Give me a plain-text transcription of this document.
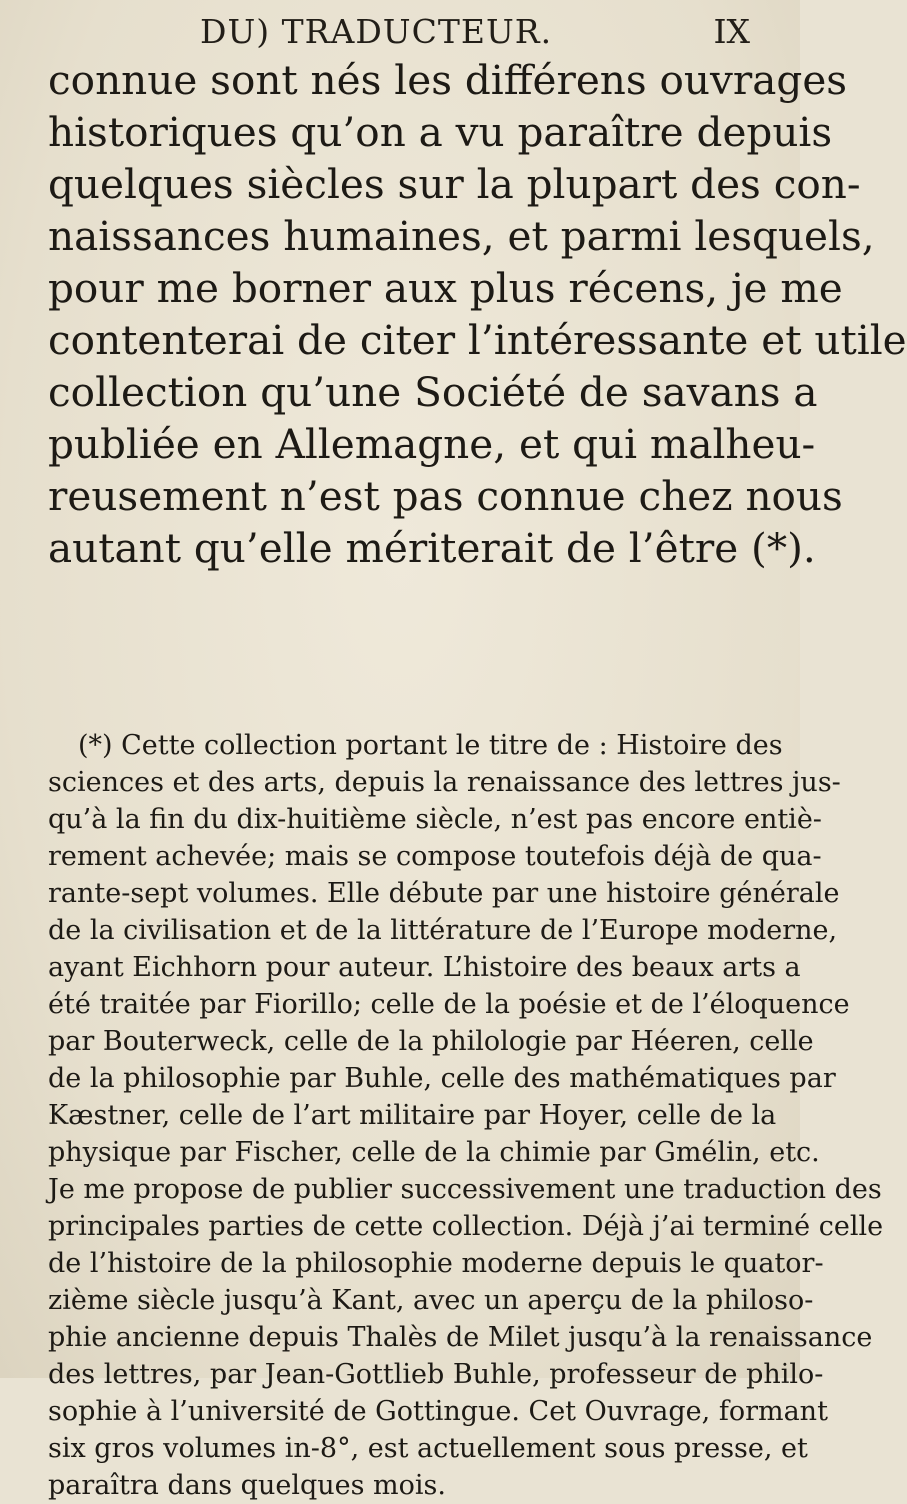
DU) TRADUCTEUR.	IX
connue sont nés les différens ouvrages
historiques qu’on a vu paraître depuis
quelques siècles sur la plupart des con-
naissances humaines, et parmi lesquels,
pour me borner aux plus récens, je me
contenterai de citer l’intéressante et utile
collection qu’une Société de savans a
publiée en Allemagne, et qui malheu-
reusement n’est pas connue chez nous
autant qu’elle mériterait de l’être (*).
(*) Cette collection portant le titre de : Histoire des
sciences et des arts, depuis la renaissance des lettres jus-
qu’à la fin du dix-huitième siècle, n’est pas encore entiè-
rement achevée; mais se compose toutefois déjà de qua-
rante-sept volumes. Elle débute par une histoire générale
de la civilisation et de la littérature de l’Europe moderne,
ayant Eichhorn pour auteur. L’histoire des beaux arts a
été traitée par Fiorillo; celle de la poésie et de l’éloquence
par Bouterweck, celle de la philologie par Héeren, celle
de la philosophie par Buhle, celle des mathématiques par
Kæstner, celle de l’art militaire par Hoyer, celle de la
physique par Fischer, celle de la chimie par Gmélin, etc.
Je me propose de publier successivement une traduction des
principales parties de cette collection. Déjà j’ai terminé celle
de l’histoire de la philosophie moderne depuis le quator-
zième siècle jusqu’à Kant, avec un aperçu de la philoso-
phie ancienne depuis Thalès de Milet jusqu’à la renaissance
des lettres, par Jean-Gottlieb Buhle, professeur de philo-
sophie à l’université de Gottingue. Cet Ouvrage, formant
six gros volumes in-8°, est actuellement sous presse, et
paraîtra dans quelques mois.
